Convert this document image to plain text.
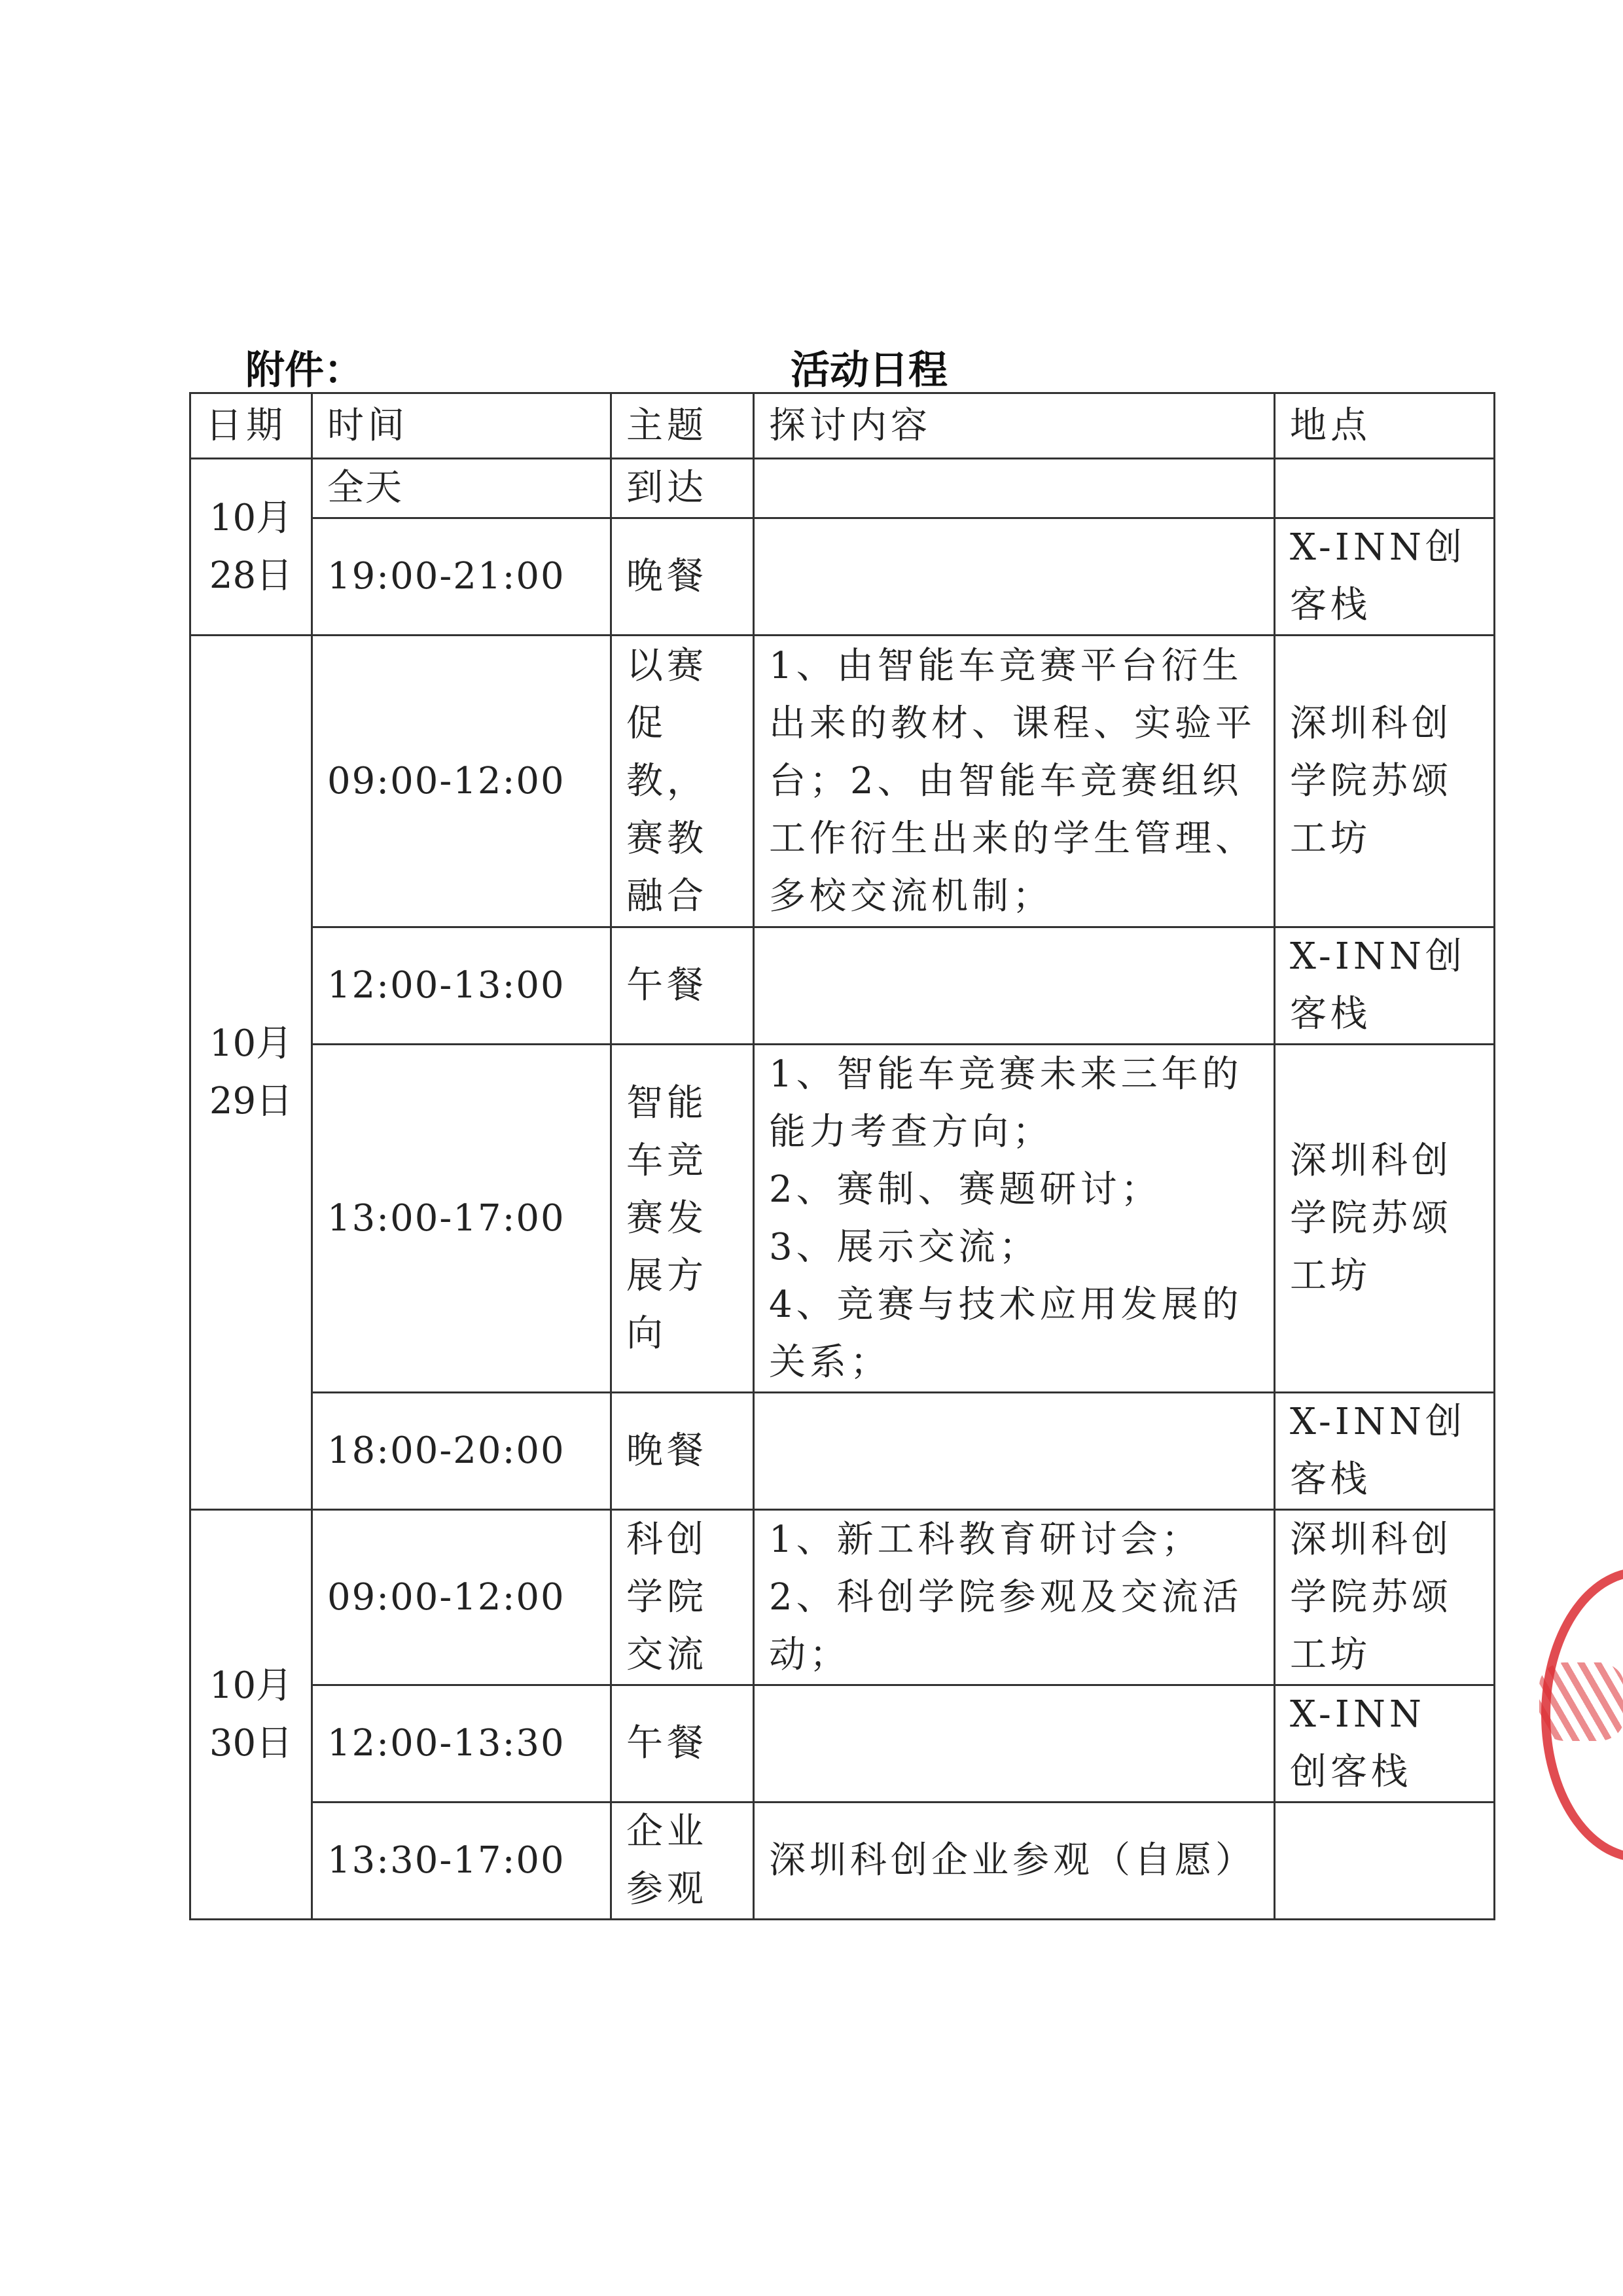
附件：	活动日程
日期	时间	主题	探讨内容	地点

10月
28日	全天	到达		
	19:00-21:00	晚餐		X-INN创客栈

10月
29日	09:00-12:00	以赛促教，赛教融合	1、由智能车竞赛平台衍生出来的教材、课程、实验平台；2、由智能车竞赛组织工作衍生出来的学生管理、多校交流机制；	深圳科创学院苏颂工坊
	12:00-13:00	午餐		X-INN创客栈
	13:00-17:00	智能车竞赛发展方向	1、智能车竞赛未来三年的能力考查方向；
2、赛制、赛题研讨；
3、展示交流；
4、竞赛与技术应用发展的关系；	深圳科创学院苏颂工坊
	18:00-20:00	晚餐		X-INN创客栈

10月
30日	09:00-12:00	科创学院交流	1、新工科教育研讨会；
2、科创学院参观及交流活动；	深圳科创学院苏颂工坊
	12:00-13:30	午餐		X-INN 创客栈
	13:30-17:00	企业参观	深圳科创企业参观（自愿）	
